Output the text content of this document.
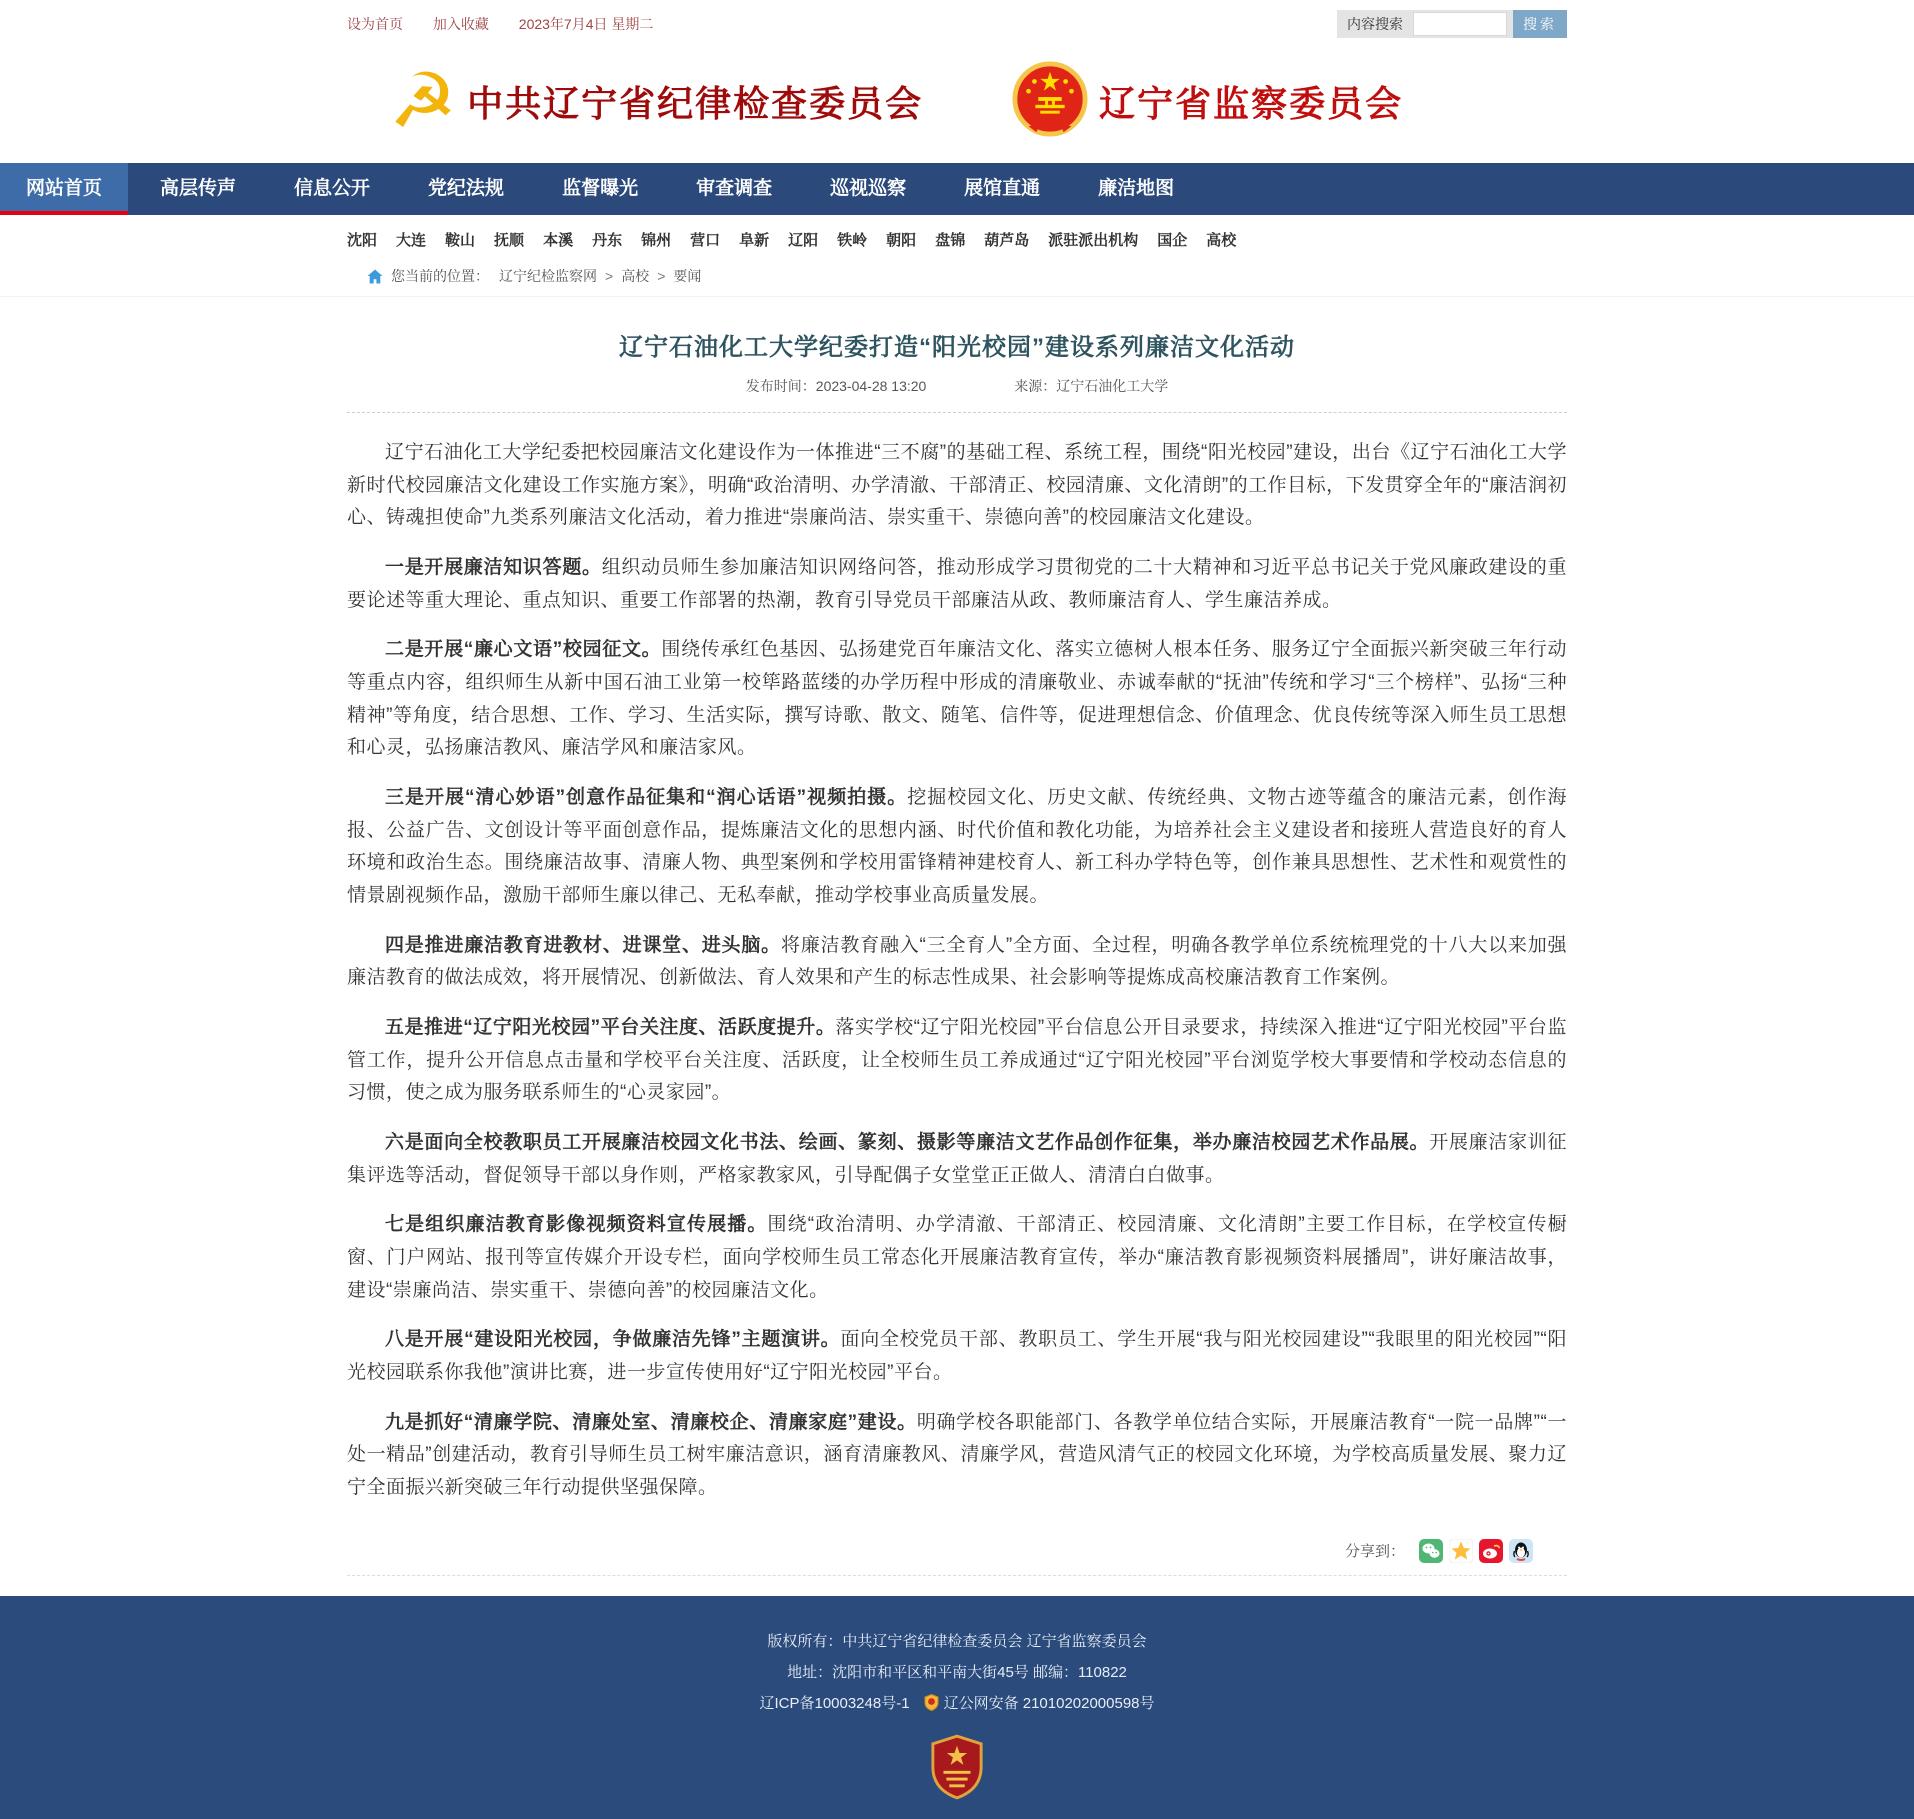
设为首页 加入收藏 2023年7月4日 星期二	内容搜索	搜索
☭ 中共辽宁省纪律检查委员会	辽宁省监察委员会
网站首页	高层传声	信息公开	党纪法规	监督曝光	审查调查	巡视巡察	展馆直通	廉洁地图
沈阳 大连 鞍山 抚顺 本溪 丹东 锦州 营口 阜新 辽阳 铁岭 朝阳 盘锦 葫芦岛 派驻派出机构 国企 高校
您当前的位置： 辽宁纪检监察网 > 高校 > 要闻
辽宁石油化工大学纪委打造“阳光校园”建设系列廉洁文化活动
发布时间：2023-04-28 13:20	来源：辽宁石油化工大学

辽宁石油化工大学纪委把校园廉洁文化建设作为一体推进“三不腐”的基础工程、系统工程，围绕“阳光校园”建设，出台《辽宁石油化工大学新时代校园廉洁文化建设工作实施方案》，明确“政治清明、办学清澈、干部清正、校园清廉、文化清朗”的工作目标，下发贯穿全年的“廉洁润初心、铸魂担使命”九类系列廉洁文化活动，着力推进“崇廉尚洁、崇实重干、崇德向善”的校园廉洁文化建设。

一是开展廉洁知识答题。组织动员师生参加廉洁知识网络问答，推动形成学习贯彻党的二十大精神和习近平总书记关于党风廉政建设的重要论述等重大理论、重点知识、重要工作部署的热潮，教育引导党员干部廉洁从政、教师廉洁育人、学生廉洁养成。

二是开展“廉心文语”校园征文。围绕传承红色基因、弘扬建党百年廉洁文化、落实立德树人根本任务、服务辽宁全面振兴新突破三年行动等重点内容，组织师生从新中国石油工业第一校筚路蓝缕的办学历程中形成的清廉敬业、赤诚奉献的“抚油”传统和学习“三个榜样”、弘扬“三种精神”等角度，结合思想、工作、学习、生活实际，撰写诗歌、散文、随笔、信件等，促进理想信念、价值理念、优良传统等深入师生员工思想和心灵，弘扬廉洁教风、廉洁学风和廉洁家风。

三是开展“清心妙语”创意作品征集和“润心话语”视频拍摄。挖掘校园文化、历史文献、传统经典、文物古迹等蕴含的廉洁元素，创作海报、公益广告、文创设计等平面创意作品，提炼廉洁文化的思想内涵、时代价值和教化功能，为培养社会主义建设者和接班人营造良好的育人环境和政治生态。围绕廉洁故事、清廉人物、典型案例和学校用雷锋精神建校育人、新工科办学特色等，创作兼具思想性、艺术性和观赏性的情景剧视频作品，激励干部师生廉以律己、无私奉献，推动学校事业高质量发展。

四是推进廉洁教育进教材、进课堂、进头脑。将廉洁教育融入“三全育人”全方面、全过程，明确各教学单位系统梳理党的十八大以来加强廉洁教育的做法成效，将开展情况、创新做法、育人效果和产生的标志性成果、社会影响等提炼成高校廉洁教育工作案例。

五是推进“辽宁阳光校园”平台关注度、活跃度提升。落实学校“辽宁阳光校园”平台信息公开目录要求，持续深入推进“辽宁阳光校园”平台监管工作，提升公开信息点击量和学校平台关注度、活跃度，让全校师生员工养成通过“辽宁阳光校园”平台浏览学校大事要情和学校动态信息的习惯，使之成为服务联系师生的“心灵家园”。

六是面向全校教职员工开展廉洁校园文化书法、绘画、篆刻、摄影等廉洁文艺作品创作征集，举办廉洁校园艺术作品展。开展廉洁家训征集评选等活动，督促领导干部以身作则，严格家教家风，引导配偶子女堂堂正正做人、清清白白做事。

七是组织廉洁教育影像视频资料宣传展播。围绕“政治清明、办学清澈、干部清正、校园清廉、文化清朗”主要工作目标，在学校宣传橱窗、门户网站、报刊等宣传媒介开设专栏，面向学校师生员工常态化开展廉洁教育宣传，举办“廉洁教育影视频资料展播周”，讲好廉洁故事，建设“崇廉尚洁、崇实重干、崇德向善”的校园廉洁文化。

八是开展“建设阳光校园，争做廉洁先锋”主题演讲。面向全校党员干部、教职员工、学生开展“我与阳光校园建设”“我眼里的阳光校园”“阳光校园联系你我他”演讲比赛，进一步宣传使用好“辽宁阳光校园”平台。

九是抓好“清廉学院、清廉处室、清廉校企、清廉家庭”建设。明确学校各职能部门、各教学单位结合实际，开展廉洁教育“一院一品牌”“一处一精品”创建活动，教育引导师生员工树牢廉洁意识，涵育清廉教风、清廉学风，营造风清气正的校园文化环境，为学校高质量发展、聚力辽宁全面振兴新突破三年行动提供坚强保障。

分享到：
版权所有：中共辽宁省纪律检查委员会 辽宁省监察委员会
地址：沈阳市和平区和平南大街45号 邮编：110822
辽ICP备10003248号-1 辽公网安备 21010202000598号
